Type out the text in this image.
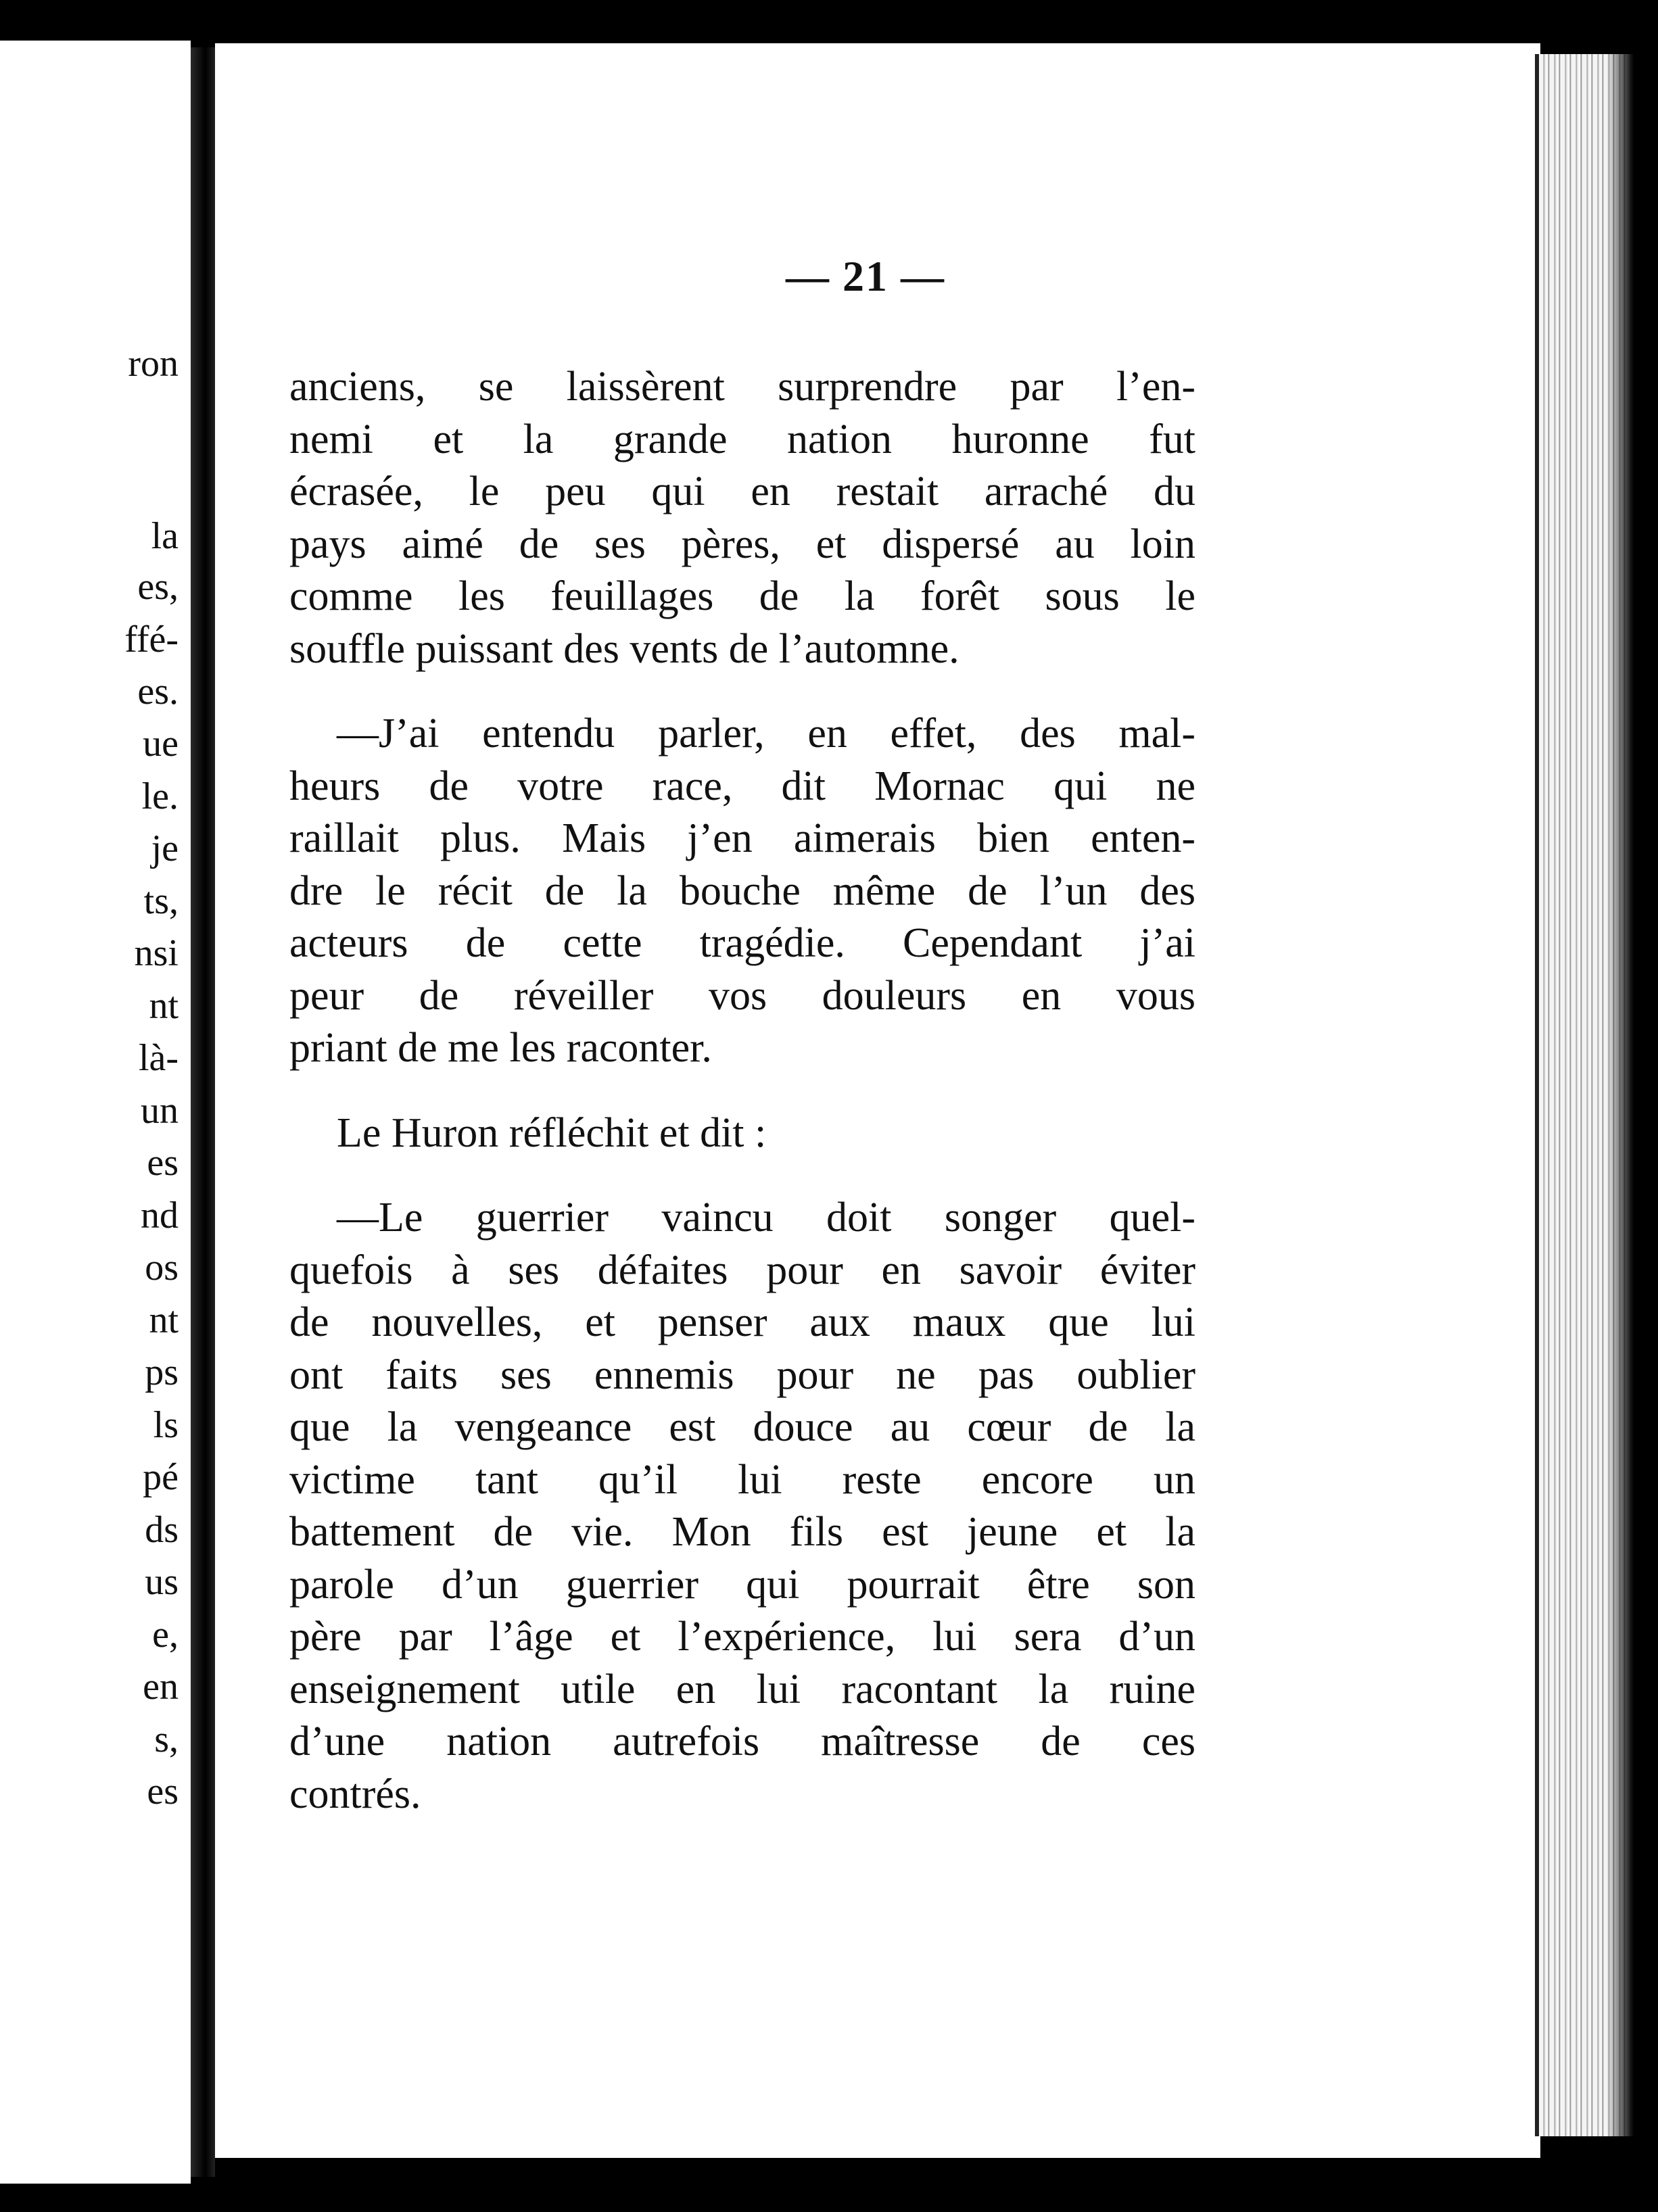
ron
la
es,
ffé-
es.
ue
le.
je
ts,
nsi
nt
là-
un
es
nd
os
nt
ps
ls
pé
ds
us
e,
en
s,
es
— 21 —
anciens, se laissèrent surprendre par l’en-
nemi et la grande nation huronne fut
écrasée, le peu qui en restait arraché du
pays aimé de ses pères, et dispersé au loin
comme les feuillages de la forêt sous le
souffle puissant des vents de l’automne.
—J’ai entendu parler, en effet, des mal-
heurs de votre race, dit Mornac qui ne
raillait plus. Mais j’en aimerais bien enten-
dre le récit de la bouche même de l’un des
acteurs de cette tragédie. Cependant j’ai
peur de réveiller vos douleurs en vous
priant de me les raconter.
Le Huron réfléchit et dit :
—Le guerrier vaincu doit songer quel-
quefois à ses défaites pour en savoir éviter
de nouvelles, et penser aux maux que lui
ont faits ses ennemis pour ne pas oublier
que la vengeance est douce au cœur de la
victime tant qu’il lui reste encore un
battement de vie. Mon fils est jeune et la
parole d’un guerrier qui pourrait être son
père par l’âge et l’expérience, lui sera d’un
enseignement utile en lui racontant la ruine
d’une nation autrefois maîtresse de ces
contrés.
